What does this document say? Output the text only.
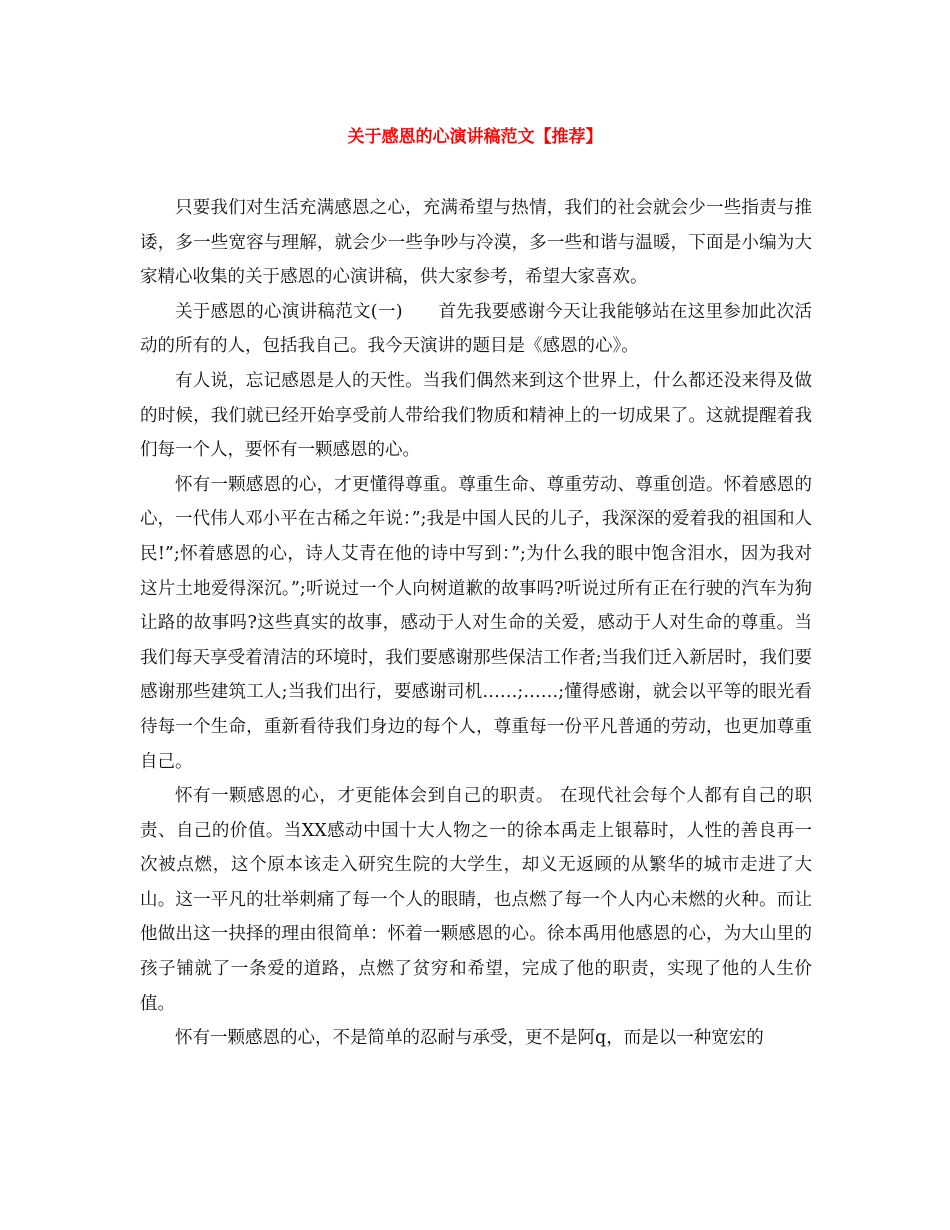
关于感恩的心演讲稿范文【推荐】

只要我们对生活充满感恩之心，充满希望与热情，我们的社会就会少一些指责与推诿，多一些宽容与理解，就会少一些争吵与冷漠，多一些和谐与温暖，下面是小编为大家精心收集的关于感恩的心演讲稿，供大家参考，希望大家喜欢。

关于感恩的心演讲稿范文(一)　　首先我要感谢今天让我能够站在这里参加此次活动的所有的人，包括我自己。我今天演讲的题目是《感恩的心》。

有人说，忘记感恩是人的天性。当我们偶然来到这个世界上，什么都还没来得及做的时候，我们就已经开始享受前人带给我们物质和精神上的一切成果了。这就提醒着我们每一个人，要怀有一颗感恩的心。

怀有一颗感恩的心，才更懂得尊重。尊重生命、尊重劳动、尊重创造。怀着感恩的心，一代伟人邓小平在古稀之年说：”;我是中国人民的儿子，我深深的爱着我的祖国和人民!”;怀着感恩的心，诗人艾青在他的诗中写到：”;为什么我的眼中饱含泪水，因为我对这片土地爱得深沉。”;听说过一个人向树道歉的故事吗?听说过所有正在行驶的汽车为狗让路的故事吗?这些真实的故事，感动于人对生命的关爱，感动于人对生命的尊重。当我们每天享受着清洁的环境时，我们要感谢那些保洁工作者;当我们迁入新居时，我们要感谢那些建筑工人;当我们出行，要感谢司机……;……;懂得感谢，就会以平等的眼光看待每一个生命，重新看待我们身边的每个人，尊重每一份平凡普通的劳动，也更加尊重自己。

怀有一颗感恩的心，才更能体会到自己的职责。 在现代社会每个人都有自己的职责、自己的价值。当XX感动中国十大人物之一的徐本禹走上银幕时，人性的善良再一次被点燃，这个原本该走入研究生院的大学生，却义无返顾的从繁华的城市走进了大山。这一平凡的壮举刺痛了每一个人的眼睛，也点燃了每一个人内心未燃的火种。而让他做出这一抉择的理由很简单：怀着一颗感恩的心。徐本禹用他感恩的心，为大山里的孩子铺就了一条爱的道路，点燃了贫穷和希望，完成了他的职责，实现了他的人生价值。

怀有一颗感恩的心，不是简单的忍耐与承受，更不是阿q，而是以一种宽宏的
